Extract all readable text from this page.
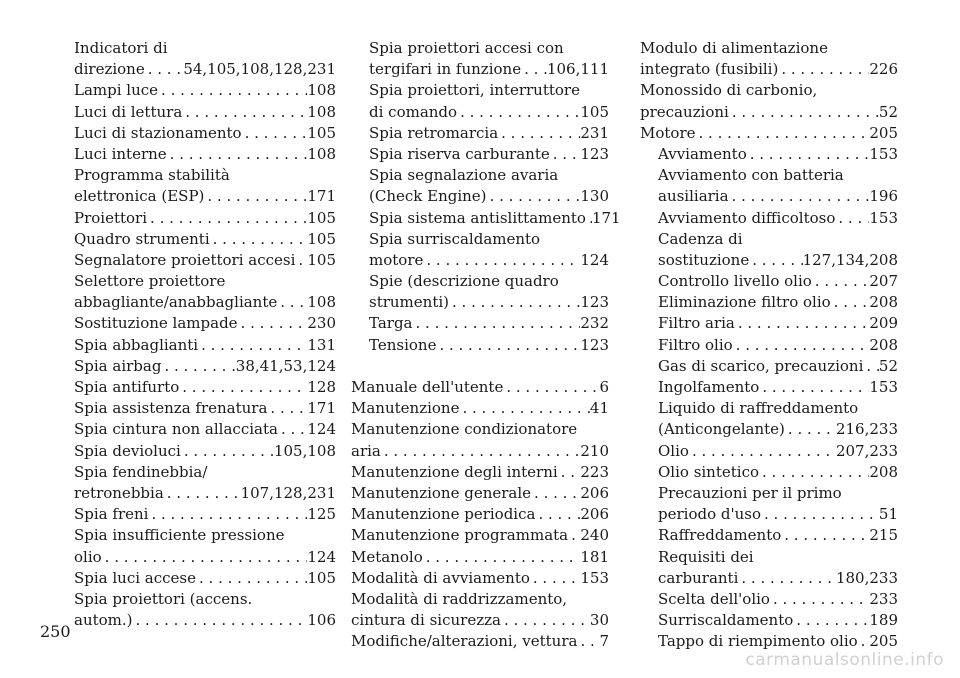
Indicatori di
direzione . . .	54,105,108,128,231
Lampi luce . . .	108
Luci di lettura . . .	108
Luci di stazionamento . . .	105
Luci interne . . .	108
Programma stabilità
elettronica (ESP) . . .	171
Proiettori . . .	105
Quadro strumenti . . .	105
Segnalatore proiettori accesi . . . 105
Selettore proiettore
abbagliante/anabbagliante . . . 108
Sostituzione lampade . . .	230
Spia abbaglianti . . .	131
Spia airbag . . .	38,41,53,124
Spia antifurto . . .	128
Spia assistenza frenatura . . .	171
Spia cintura non allacciata . . . 124
Spia devioluci . . .	105,108
Spia fendinebbia/
retronebbia . . .	107,128,231
Spia freni . . .	125
Spia insufficiente pressione
olio . . .	124
Spia luci accese . . .	105
Spia proiettori (accens.
autom.) . . .	106
Spia proiettori accesi con
tergifari in funzione . . . 106,111
Spia proiettori, interruttore
di comando . . .	105
Spia retromarcia . . .	231
Spia riserva carburante . . . 123
Spia segnalazione avaria
(Check Engine) . . .	130
Spia sistema antislittamento . . . 171
Spia surriscaldamento
motore . . .	124
Spie (descrizione quadro
strumenti) . . .	123
Targa . . .	232
Tensione . . .	123
Manuale dell'utente . . .	6
Manutenzione . . .	41
Manutenzione condizionatore
aria . . .	210
Manutenzione degli interni . . . 223
Manutenzione generale . . .	206
Manutenzione periodica . . .	206
Manutenzione programmata . . . 240
Metanolo . . .	181
Modalità di avviamento . . .	153
Modalità di raddrizzamento,
cintura di sicurezza . . .	30
Modifiche/alterazioni, vettura . . . 7
Modulo di alimentazione
integrato (fusibili) . . .	226
Monossido di carbonio,
precauzioni . . .	52
Motore . . .	205
Avviamento . . .	153
Avviamento con batteria
ausiliaria . . .	196
Avviamento difficoltoso . . . 153
Cadenza di
sostituzione . . .	127,134,208
Controllo livello olio . . .	207
Eliminazione filtro olio . . .	208
Filtro aria . . .	209
Filtro olio . . .	208
Gas di scarico, precauzioni . . . 52
Ingolfamento . . .	153
Liquido di raffreddamento
(Anticongelante) . . .	216,233
Olio . . .	207,233
Olio sintetico . . .	208
Precauzioni per il primo
periodo d'uso . . .	51
Raffreddamento . . .	215
Requisiti dei
carburanti . . .	180,233
Scelta dell'olio . . .	233
Surriscaldamento . . .	189
Tappo di riempimento olio . . . 205
250
carmanualsonline.info
